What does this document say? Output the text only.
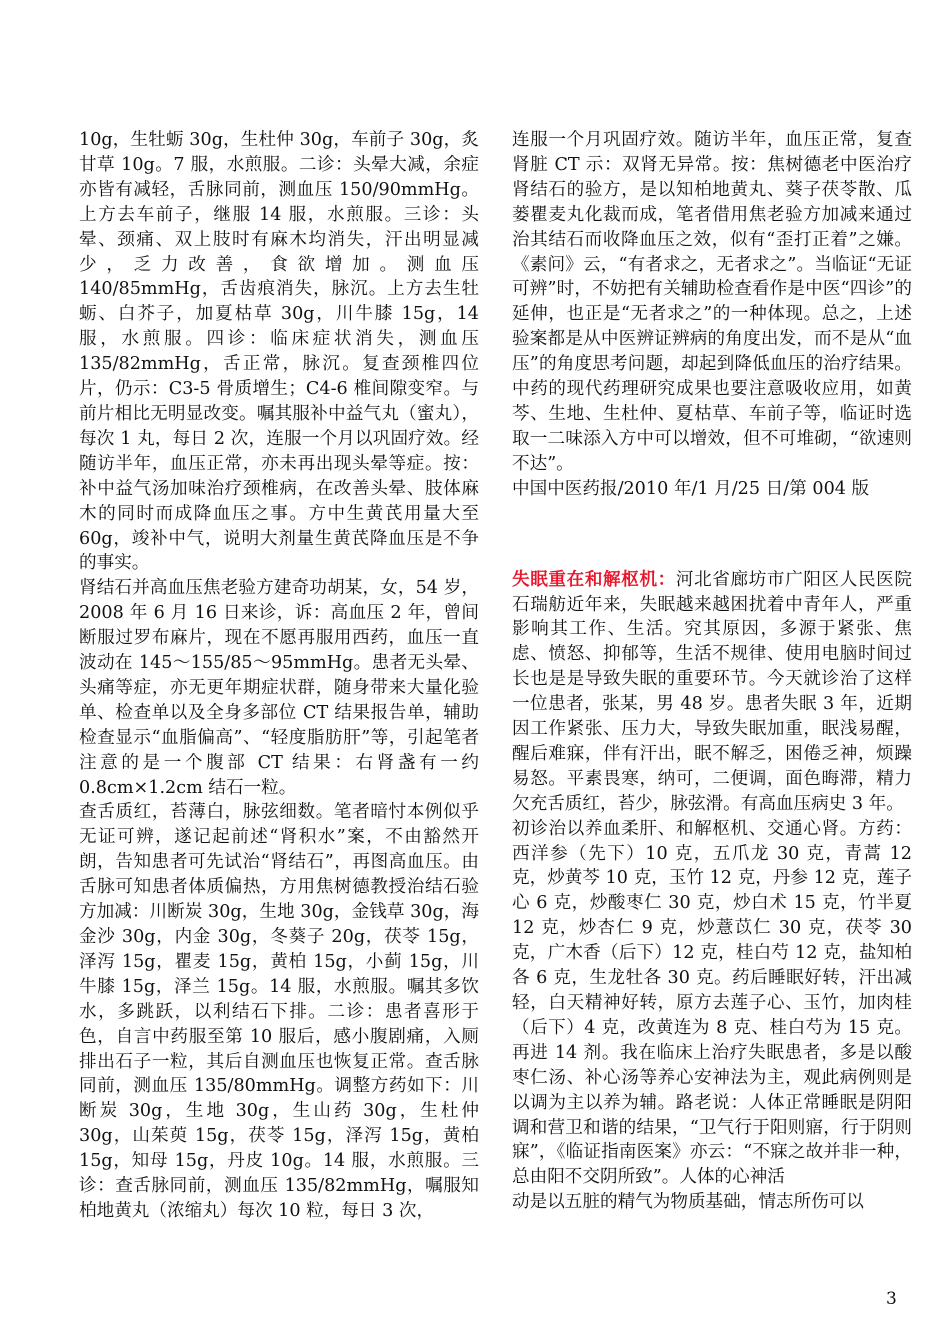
10g，生牡蛎 30g，生杜仲 30g，车前子 30g，炙甘草 10g。7 服，水煎服。二诊：头晕大减，余症亦皆有减轻，舌脉同前，测血压 150/90mmHg。上方去车前子，继服 14 服，水煎服。三诊：头晕、颈痛、双上肢时有麻木均消失，汗出明显减少，乏力改善，食欲增加。测血压 140/85mmHg，舌齿痕消失，脉沉。上方去生牡蛎、白芥子，加夏枯草 30g，川牛膝 15g，14 服，水煎服。四诊：临床症状消失，测血压 135/82mmHg，舌正常，脉沉。复查颈椎四位片，仍示：C3-5 骨质增生；C4-6 椎间隙变窄。与前片相比无明显改变。嘱其服补中益气丸（蜜丸），每次 1 丸，每日 2 次，连服一个月以巩固疗效。经随访半年，血压正常，亦未再出现头晕等症。按：补中益气汤加味治疗颈椎病，在改善头晕、肢体麻木的同时而成降血压之事。方中生黄芪用量大至 60g，竣补中气，说明大剂量生黄芪降血压是不争的事实。

肾结石并高血压焦老验方建奇功胡某，女，54 岁，2008 年 6 月 16 日来诊，诉：高血压 2 年，曾间断服过罗布麻片，现在不愿再服用西药，血压一直波动在 145～155/85～95mmHg。患者无头晕、头痛等症，亦无更年期症状群，随身带来大量化验单、检查单以及全身多部位 CT 结果报告单，辅助检查显示“血脂偏高”、“轻度脂肪肝”等，引起笔者注意的是一个腹部 CT 结果：右肾盏有一约 0.8cm×1.2cm 结石一粒。

查舌质红，苔薄白，脉弦细数。笔者暗忖本例似乎无证可辨，遂记起前述“肾积水”案，不由豁然开朗，告知患者可先试治“肾结石”，再图高血压。由舌脉可知患者体质偏热，方用焦树德教授治结石验方加减：川断炭 30g，生地 30g，金钱草 30g，海金沙 30g，内金 30g，冬葵子 20g，茯苓 15g，泽泻 15g，瞿麦 15g，黄柏 15g，小蓟 15g，川牛膝 15g，泽兰 15g。14 服，水煎服。嘱其多饮水，多跳跃，以利结石下排。二诊：患者喜形于色，自言中药服至第 10 服后，感小腹剧痛，入厕排出石子一粒，其后自测血压也恢复正常。查舌脉同前，测血压 135/80mmHg。调整方药如下：川断炭 30g，生地 30g，生山药 30g，生杜仲 30g，山茱萸 15g，茯苓 15g，泽泻 15g，黄柏 15g，知母 15g，丹皮 10g。14 服，水煎服。三诊：查舌脉同前，测血压 135/82mmHg，嘱服知柏地黄丸（浓缩丸）每次 10 粒，每日 3 次，

连服一个月巩固疗效。随访半年，血压正常，复查肾脏 CT 示：双肾无异常。按：焦树德老中医治疗肾结石的验方，是以知柏地黄丸、葵子茯苓散、瓜蒌瞿麦丸化裁而成，笔者借用焦老验方加减来通过治其结石而收降血压之效，似有“歪打正着”之嫌。《素问》云，“有者求之，无者求之”。当临证“无证可辨”时，不妨把有关辅助检查看作是中医“四诊”的延伸，也正是“无者求之”的一种体现。总之，上述验案都是从中医辨证辨病的角度出发，而不是从“血压”的角度思考问题，却起到降低血压的治疗结果。中药的现代药理研究成果也要注意吸收应用，如黄芩、生地、生杜仲、夏枯草、车前子等，临证时选取一二味添入方中可以增效，但不可堆砌，“欲速则不达”。

中国中医药报/2010 年/1 月/25 日/第 004 版

失眠重在和解枢机：河北省廊坊市广阳区人民医院石瑞舫近年来，失眠越来越困扰着中青年人，严重影响其工作、生活。究其原因，多源于紧张、焦虑、愤怒、抑郁等，生活不规律、使用电脑时间过长也是是导致失眠的重要环节。今天就诊治了这样一位患者，张某，男 48 岁。患者失眠 3 年，近期因工作紧张、压力大，导致失眠加重，眠浅易醒，醒后难寐，伴有汗出，眠不解乏，困倦乏神，烦躁易怒。平素畏寒，纳可，二便调，面色晦滞，精力欠充舌质红，苔少，脉弦滑。有高血压病史 3 年。

初诊治以养血柔肝、和解枢机、交通心肾。方药：西洋参（先下）10 克，五爪龙 30 克，青蒿 12 克，炒黄芩 10 克，玉竹 12 克，丹参 12 克，莲子心 6 克，炒酸枣仁 30 克，炒白术 15 克，竹半夏 12 克，炒杏仁 9 克，炒薏苡仁 30 克，茯苓 30 克，广木香（后下）12 克，桂白芍 12 克，盐知柏各 6 克，生龙牡各 30 克。药后睡眠好转，汗出减轻，白天精神好转，原方去莲子心、玉竹，加肉桂（后下）4 克，改黄连为 8 克、桂白芍为 15 克。再进 14 剂。我在临床上治疗失眠患者，多是以酸枣仁汤、补心汤等养心安神法为主，观此病例则是以调为主以养为辅。路老说：人体正常睡眠是阴阳调和营卫和谐的结果，“卫气行于阳则寤，行于阴则寐”，《临证指南医案》亦云：“不寐之故并非一种，总由阳不交阴所致”。人体的心神活

动是以五脏的精气为物质基础，情志所伤可以

3
